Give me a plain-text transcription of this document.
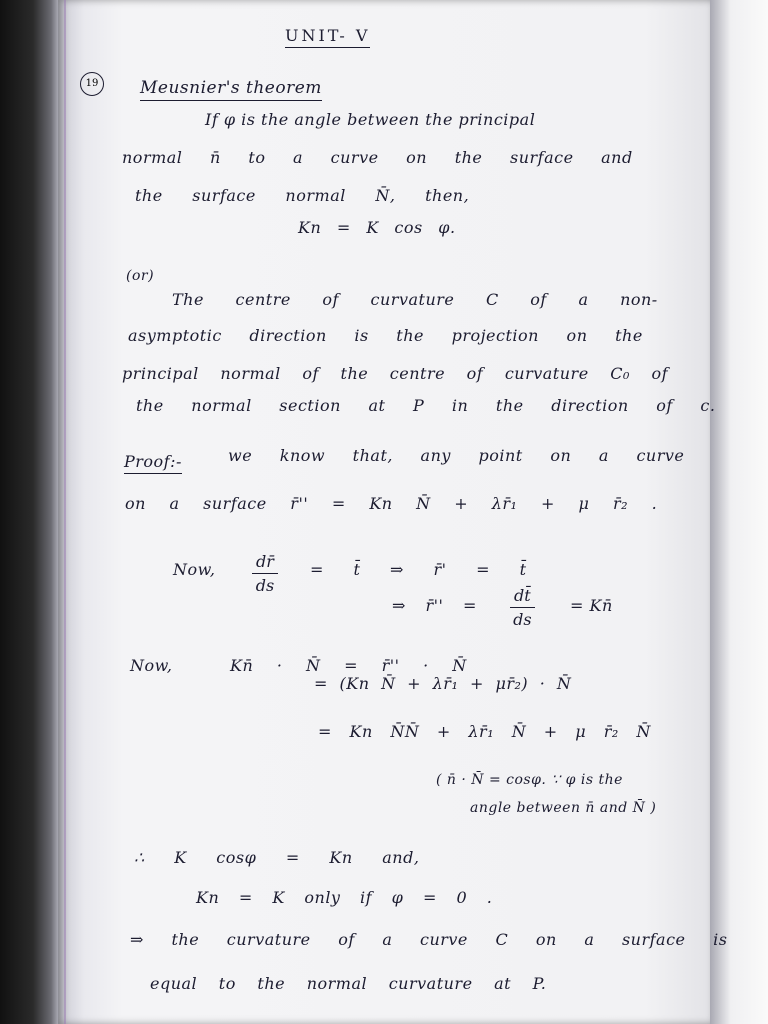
19
UNIT- V
Meusnier's theorem
If φ is the angle between the principal
normal n̄ to a curve on the surface and
the surface normal N̄, then,
Kn = K cos φ.
(or)
The centre of curvature C of a non-
asymptotic direction is the projection on the
principal normal of the centre of curvature C₀ of
the normal section at P in the direction of c.
Proof:-	we know that, any point on a curve
on a surface r̄'' = Kn N̄ + λr̄₁ + μ r̄₂ .
Now, $\frac{dr̄}{ds}$ = t̄ ⇒ r̄' = t̄
⇒ r̄'' = $\frac{dt̄}{ds}$ = Kn̄
Now,	Kn̄ · N̄ = r̄'' · N̄
= (Kn N̄ + λr̄₁ + μr̄₂) · N̄
= Kn N̄N̄ + λr̄₁ N̄ + μ r̄₂ N̄
( n̄ · N̄ = cosφ. ∵ φ is the
angle between n̄ and N̄ )
∴ K cosφ = Kn and,
Kn = K only if φ = 0 .
⇒ the curvature of a curve C on a surface is
equal to the normal curvature at P.
